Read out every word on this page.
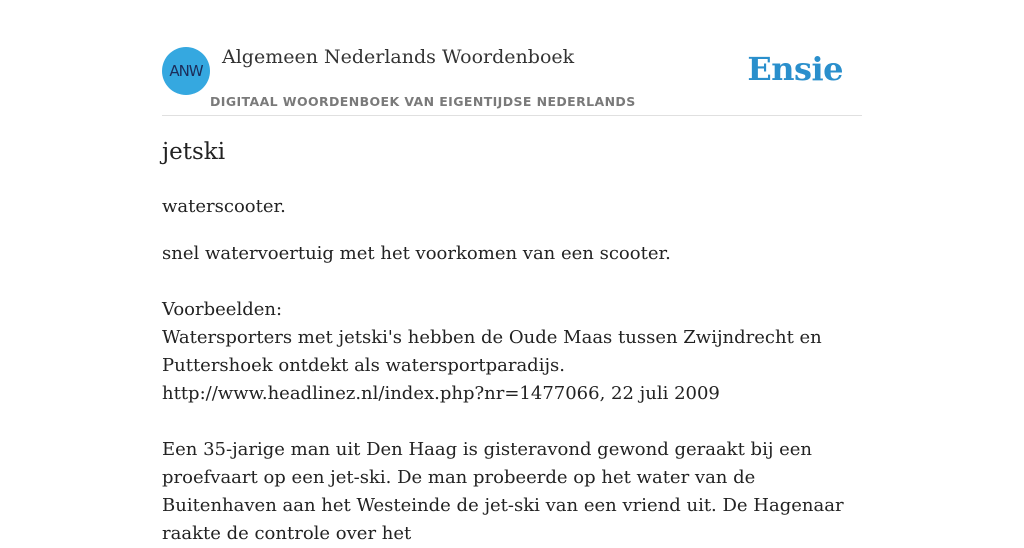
ANW
Algemeen Nederlands Woordenboek
DIGITAAL WOORDENBOEK VAN EIGENTIJDSE NEDERLANDS
Ensie
jetski

waterscooter.

snel watervoertuig met het voorkomen van een scooter.

Voorbeelden:
Watersporters met jetski's hebben de Oude Maas tussen Zwijndrecht en Puttershoek ontdekt als watersportparadijs.
http://www.headlinez.nl/index.php?nr=1477066, 22 juli 2009

Een 35-jarige man uit Den Haag is gisteravond gewond geraakt bij een proefvaart op een jet-ski. De man probeerde op het water van de Buitenhaven aan het Westeinde de jet-ski van een vriend uit. De Hagenaar raakte de controle over het
